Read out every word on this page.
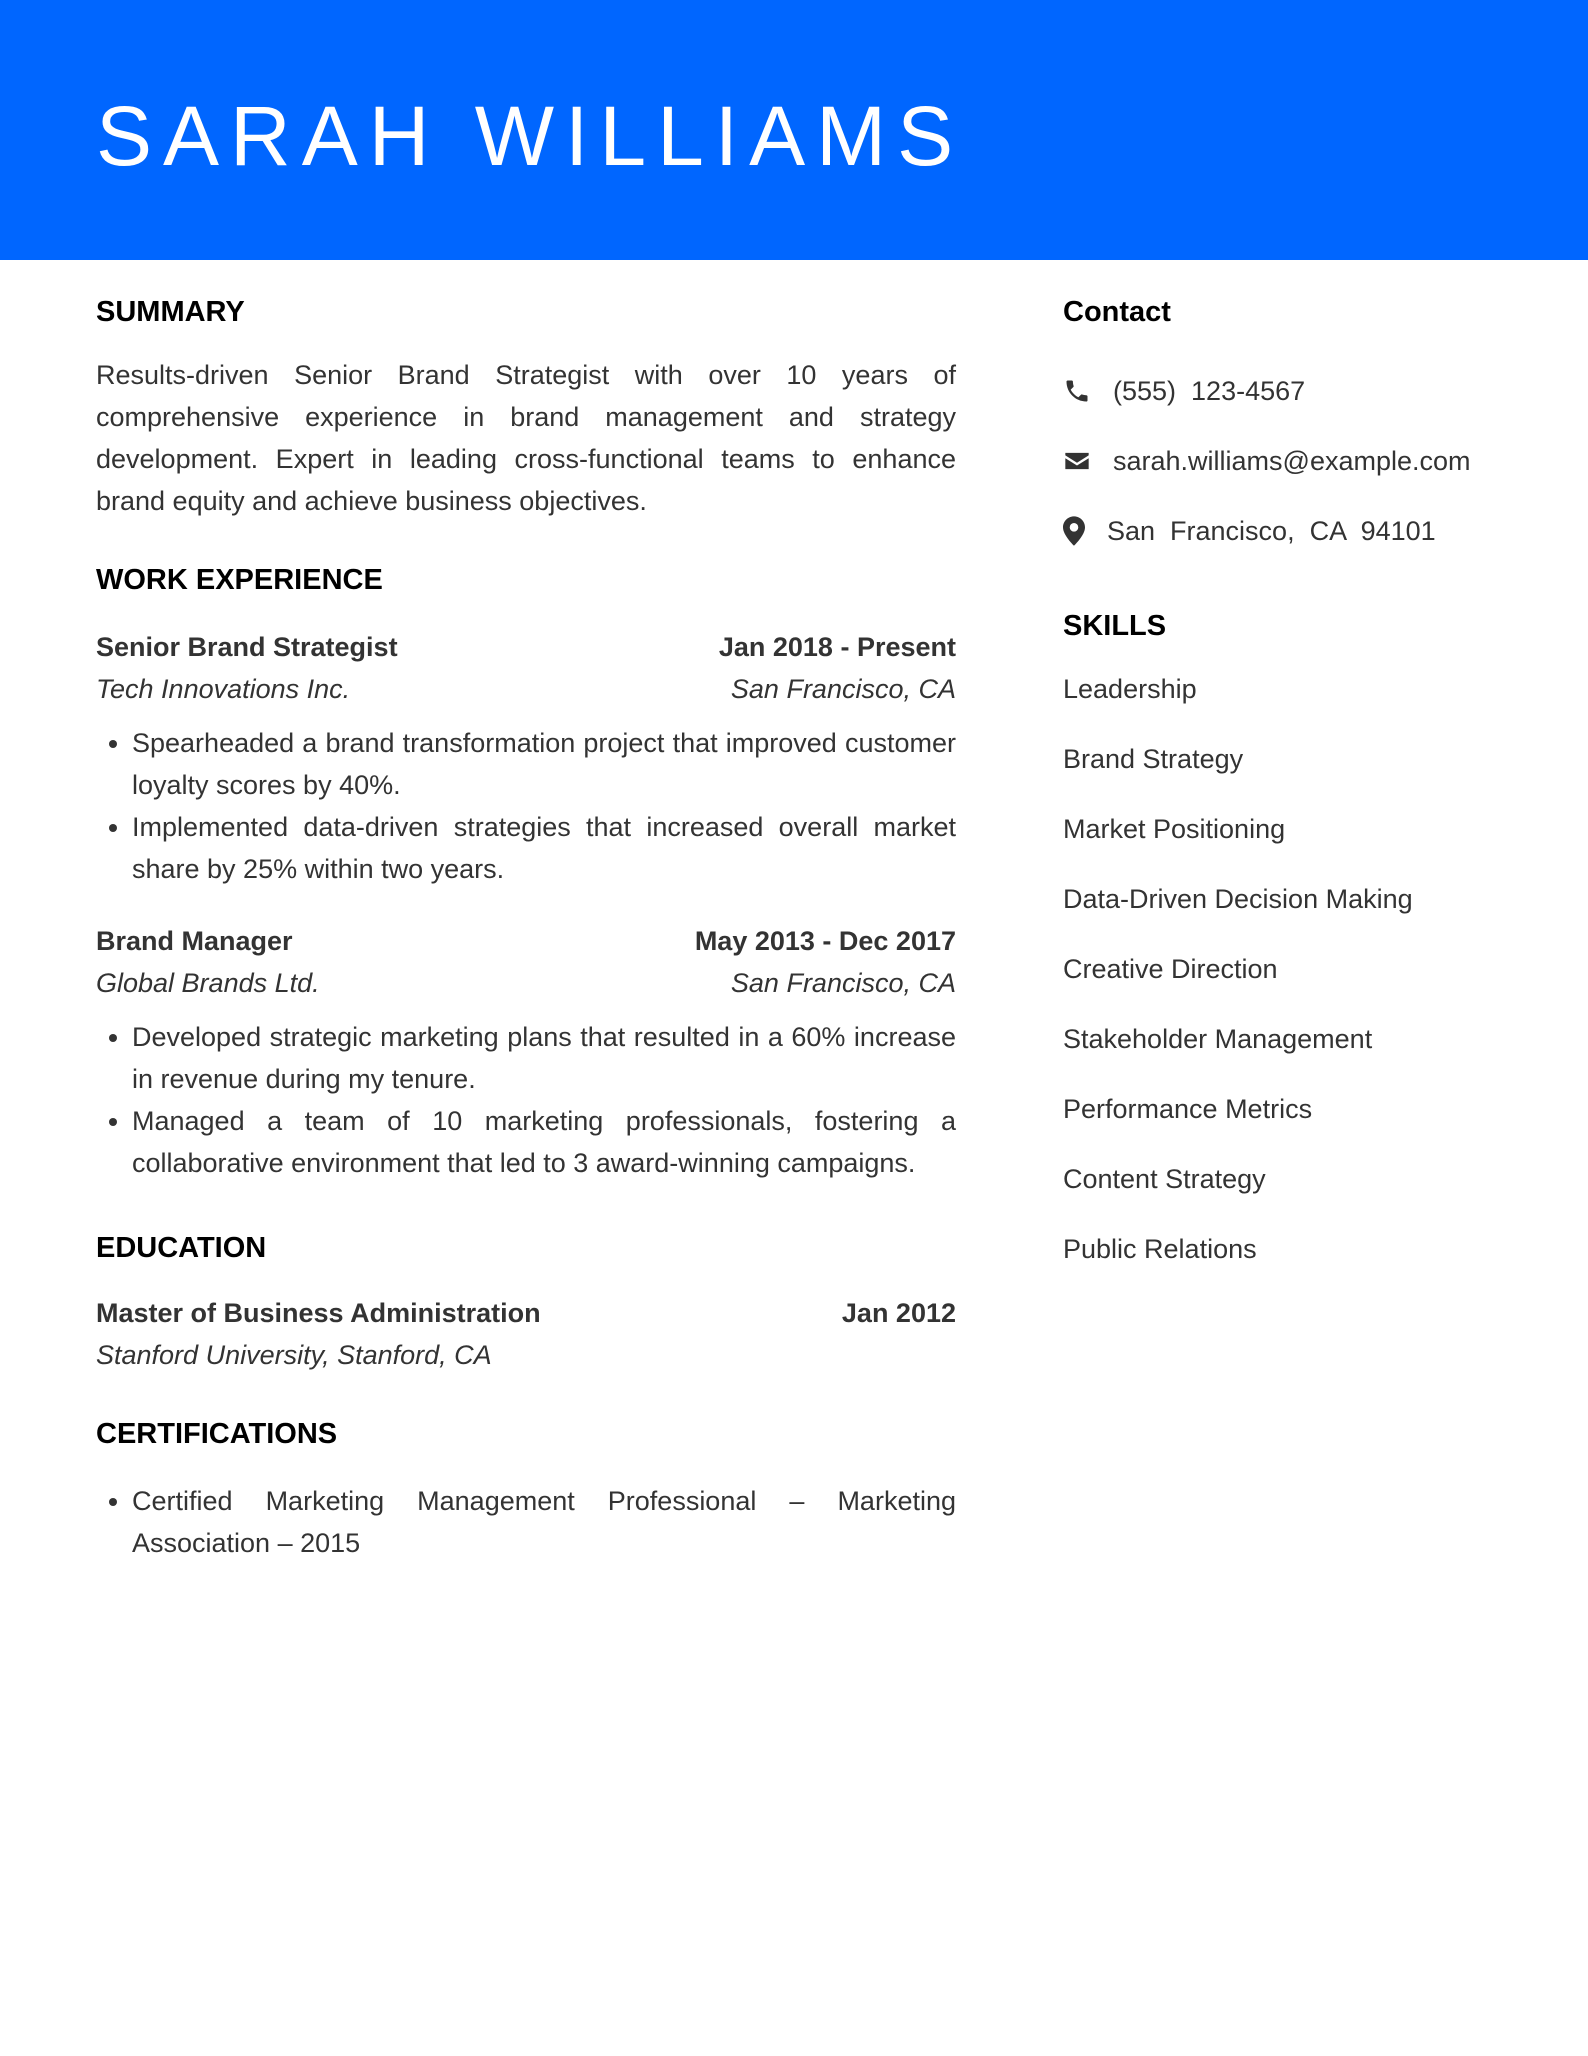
SARAH WILLIAMS
SUMMARY

Results-driven Senior Brand Strategist with over 10 years of comprehensive experience in brand management and strategy development. Expert in leading cross-functional teams to enhance brand equity and achieve business objectives.

WORK EXPERIENCE
Senior Brand Strategist	Jan 2018 - Present
Tech Innovations Inc.	San Francisco, CA
• Spearheaded a brand transformation project that improved customer loyalty scores by 40%.
• Implemented data-driven strategies that increased overall market share by 25% within two years.
Brand Manager	May 2013 - Dec 2017
Global Brands Ltd.	San Francisco, CA
• Developed strategic marketing plans that resulted in a 60% increase in revenue during my tenure.
• Managed a team of 10 marketing professionals, fostering a collaborative environment that led to 3 award-winning campaigns.
EDUCATION
Master of Business Administration	Jan 2012
Stanford University, Stanford, CA
CERTIFICATIONS
• Certified Marketing Management Professional – Marketing Association – 2015
Contact
(555)  123-4567
sarah.williams@example.com
San  Francisco,  CA  94101
SKILLS
Leadership
Brand Strategy
Market Positioning
Data-Driven Decision Making
Creative Direction
Stakeholder Management
Performance Metrics
Content Strategy
Public Relations
